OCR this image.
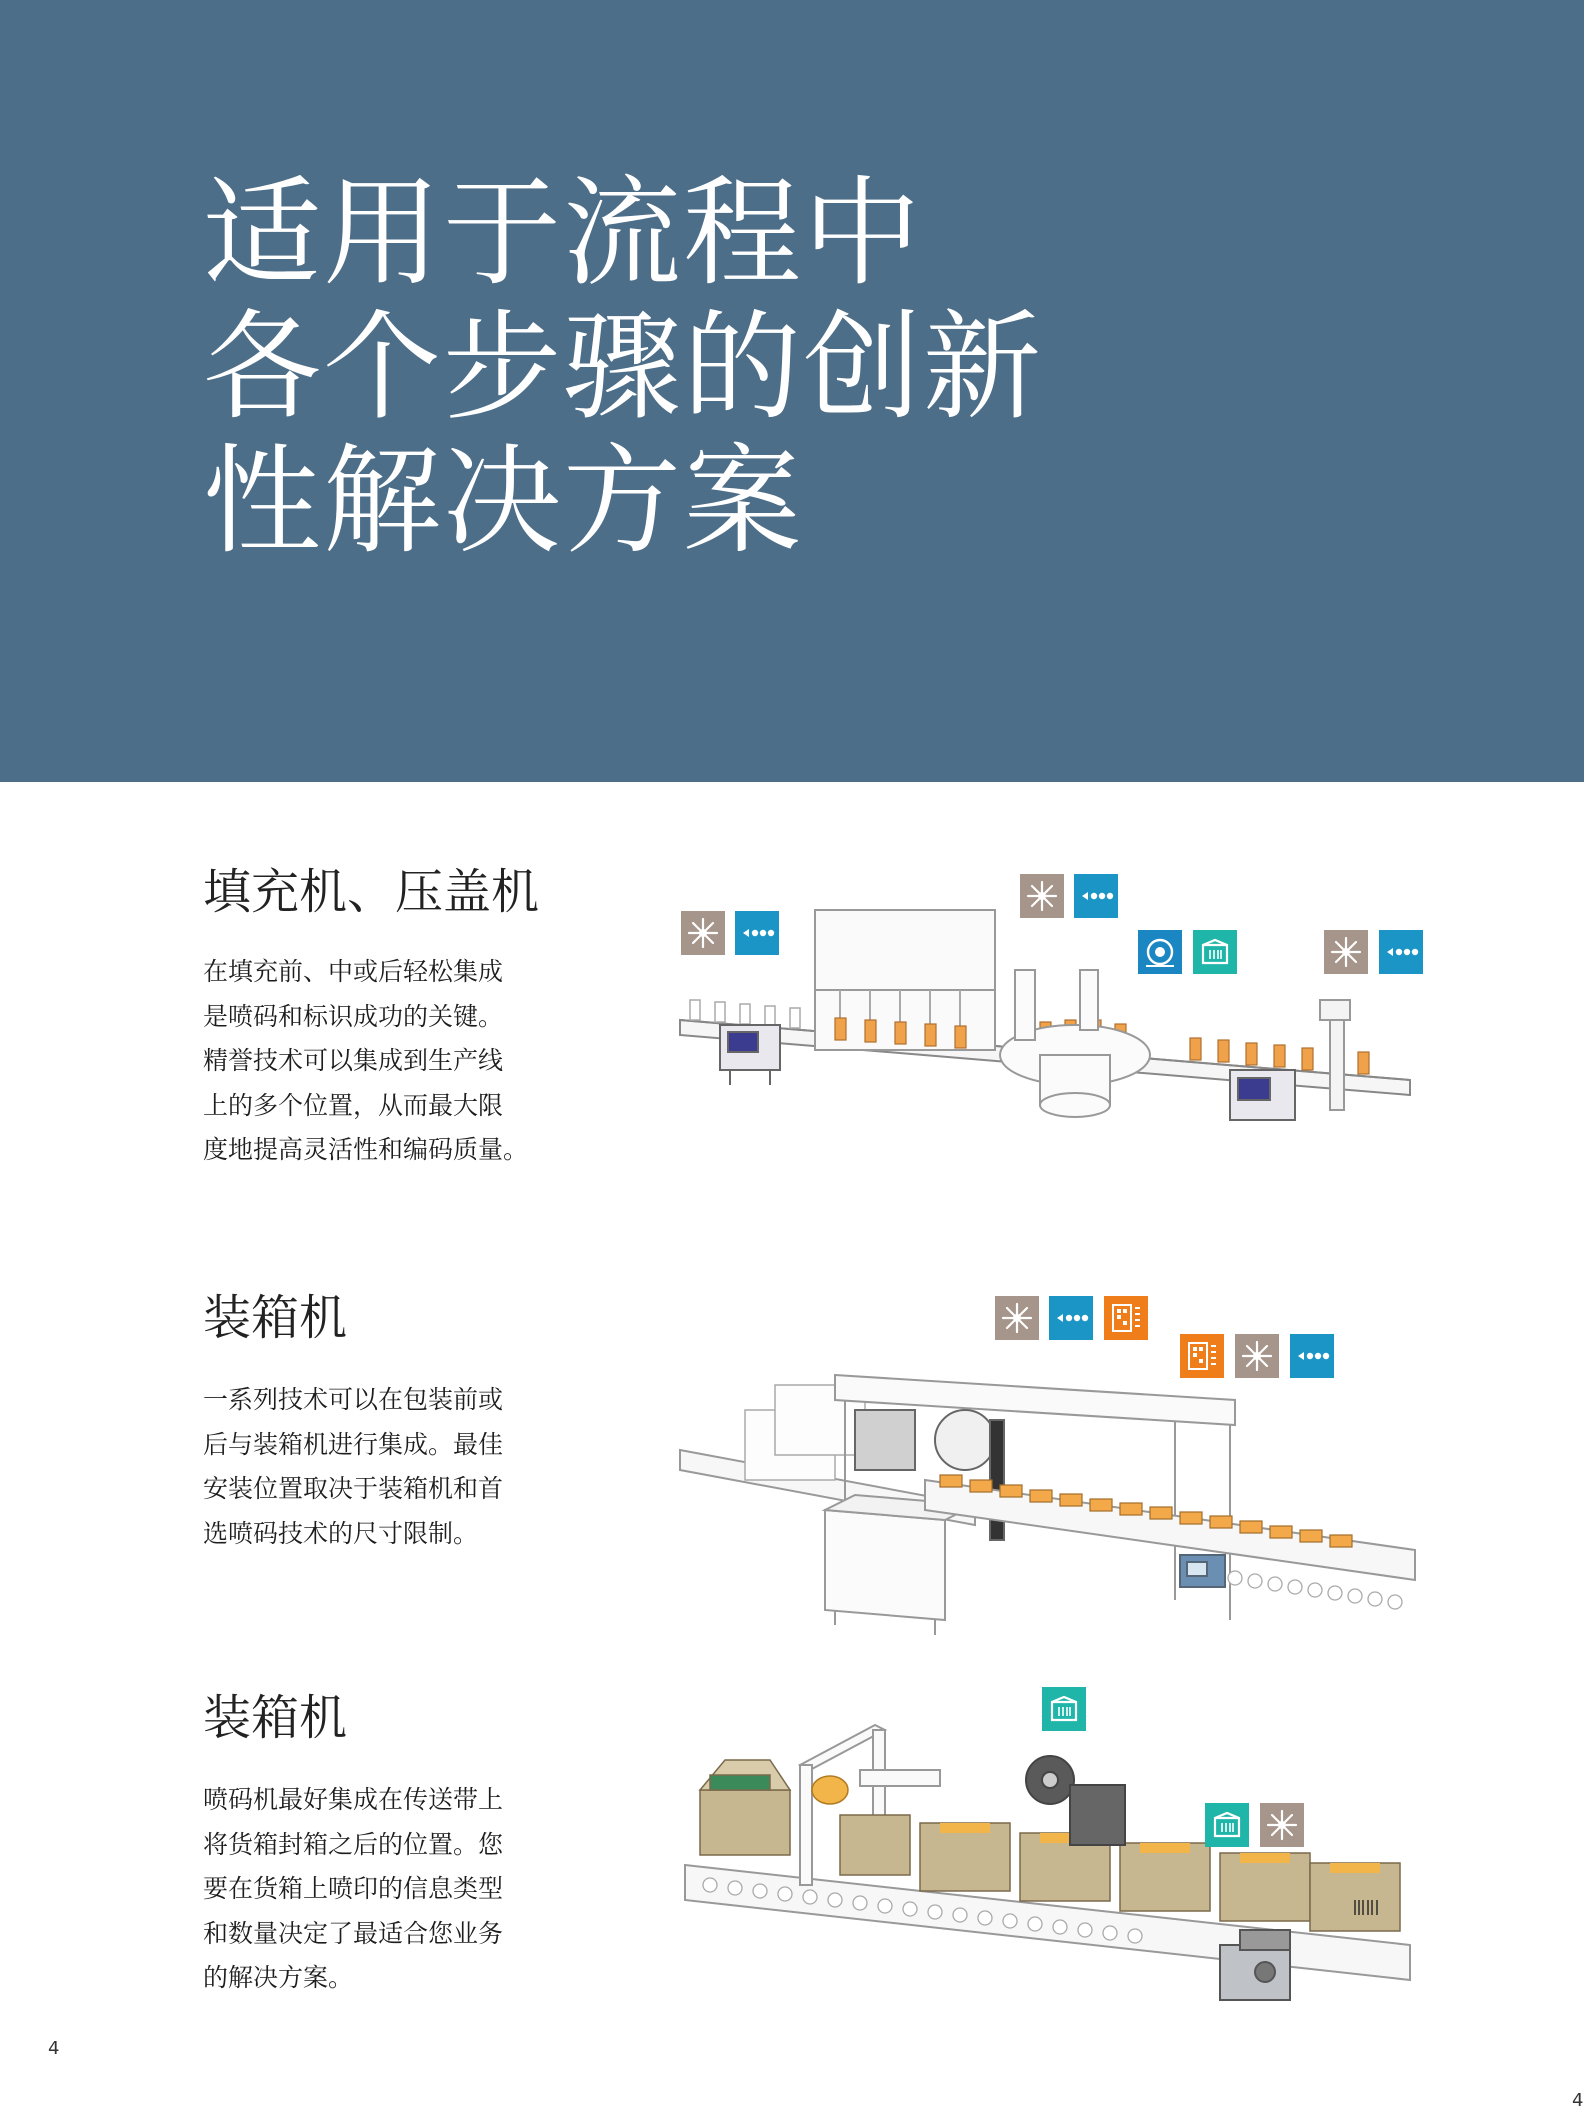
适用于流程中
各个步骤的创新
性解决方案
填充机、压盖机

在填充前、中或后轻松集成
是喷码和标识成功的关键。
精誉技术可以集成到生产线
上的多个位置，从而最大限
度地提高灵活性和编码质量。

装箱机

一系列技术可以在包装前或
后与装箱机进行集成。最佳
安装位置取决于装箱机和首
选喷码技术的尺寸限制。

装箱机

喷码机最好集成在传送带上
将货箱封箱之后的位置。您
要在货箱上喷印的信息类型
和数量决定了最适合您业务
的解决方案。

4
4
